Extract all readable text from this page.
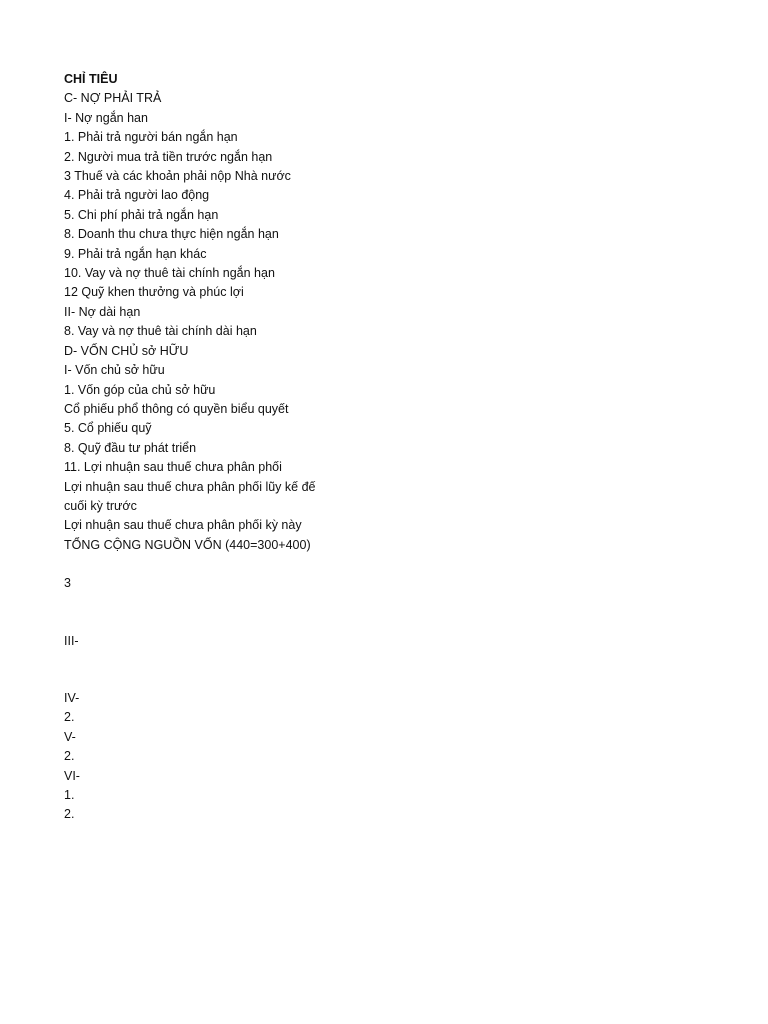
CHỈ TIÊU
C- NỢ PHẢI TRẢ
I- Nợ ngắn han
1. Phải trả người bán ngắn hạn
2. Người mua trả tiền trước ngắn hạn
3 Thuế và các khoản phải nộp Nhà nước
4. Phải trả người lao động
5. Chi phí phải trả ngắn hạn
8. Doanh thu chưa thực hiện ngắn hạn
9. Phải trả ngắn hạn khác
10. Vay và nợ thuê tài chính ngắn hạn
12 Quỹ khen thưởng và phúc lợi
II- Nợ dài hạn
8. Vay và nợ thuê tài chính dài hạn
D- VỐN CHỦ sở HỮU
I- Vốn chủ sở hữu
1. Vốn góp của chủ sở hữu
Cổ phiếu phổ thông có quyền biểu quyết
5. Cổ phiếu quỹ
8. Quỹ đầu tư phát triển
11. Lợi nhuận sau thuế chưa phân phối
Lợi nhuận sau thuế chưa phân phối lũy kế đế
cuối kỳ trước
Lợi nhuận sau thuế chưa phân phối kỳ này
TỔNG CỘNG NGUỒN VỐN (440=300+400)
3
III-
IV-
2.
V-
2.
VI-
1.
2.
